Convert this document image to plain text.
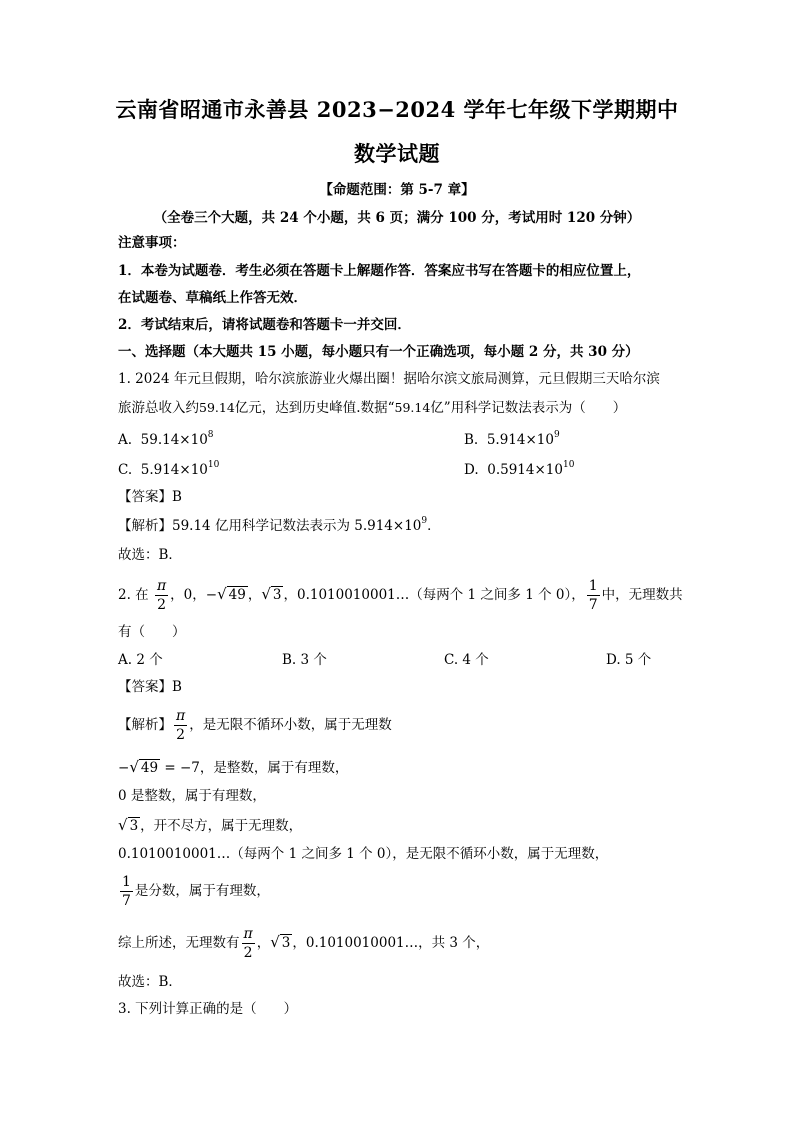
云南省昭通市永善县 2023−2024 学年七年级下学期期中
数学试题
【命题范围：第 5-7 章】
（全卷三个大题，共 24 个小题，共 6 页；满分 100 分，考试用时 120 分钟）
注意事项：
1．本卷为试题卷．考生必须在答题卡上解题作答．答案应书写在答题卡的相应位置上，
在试题卷、草稿纸上作答无效．
2．考试结束后，请将试题卷和答题卡一并交回．
一、选择题（本大题共 15 小题，每小题只有一个正确选项，每小题 2 分，共 30 分）
1. 2024 年元旦假期，哈尔滨旅游业火爆出圈！据哈尔滨文旅局测算，元旦假期三天哈尔滨
旅游总收入约59.14亿元，达到历史峰值.数据“59.14亿”用科学记数法表示为（　　）
A. $59.14\times 10^8$	B. $5.914\times 10^9$
C. $5.914\times 10^{10}$	D. $0.5914\times 10^{10}$
【答案】B
【解析】59.14 亿用科学记数法表示为 $5.914\times 10^9$．
故选：B．
2. 在 $\frac{\pi}{2}$ ，0，−√ 49 ，√ 3 ，0.1010010001…（每两个 1 之间多 1 个 0）， $\frac{1}{7}$ 中，无理数共
有（　　）
A. 2 个	B. 3 个	C. 4 个	D. 5 个
【答案】B
【解析】 $\frac{\pi}{2}$ ，是无限不循环小数，属于无理数
−√ 49 = −7，是整数，属于有理数，
0 是整数，属于有理数，
√ 3 ，开不尽方，属于无理数，
0.1010010001…（每两个 1 之间多 1 个 0），是无限不循环小数，属于无理数，
$\frac{1}{7}$ 是分数，属于有理数，
综上所述，无理数有 $\frac{\pi}{2}$ ，√ 3 ，0.1010010001…，共 3 个，
故选：B．
3. 下列计算正确的是（　　）
